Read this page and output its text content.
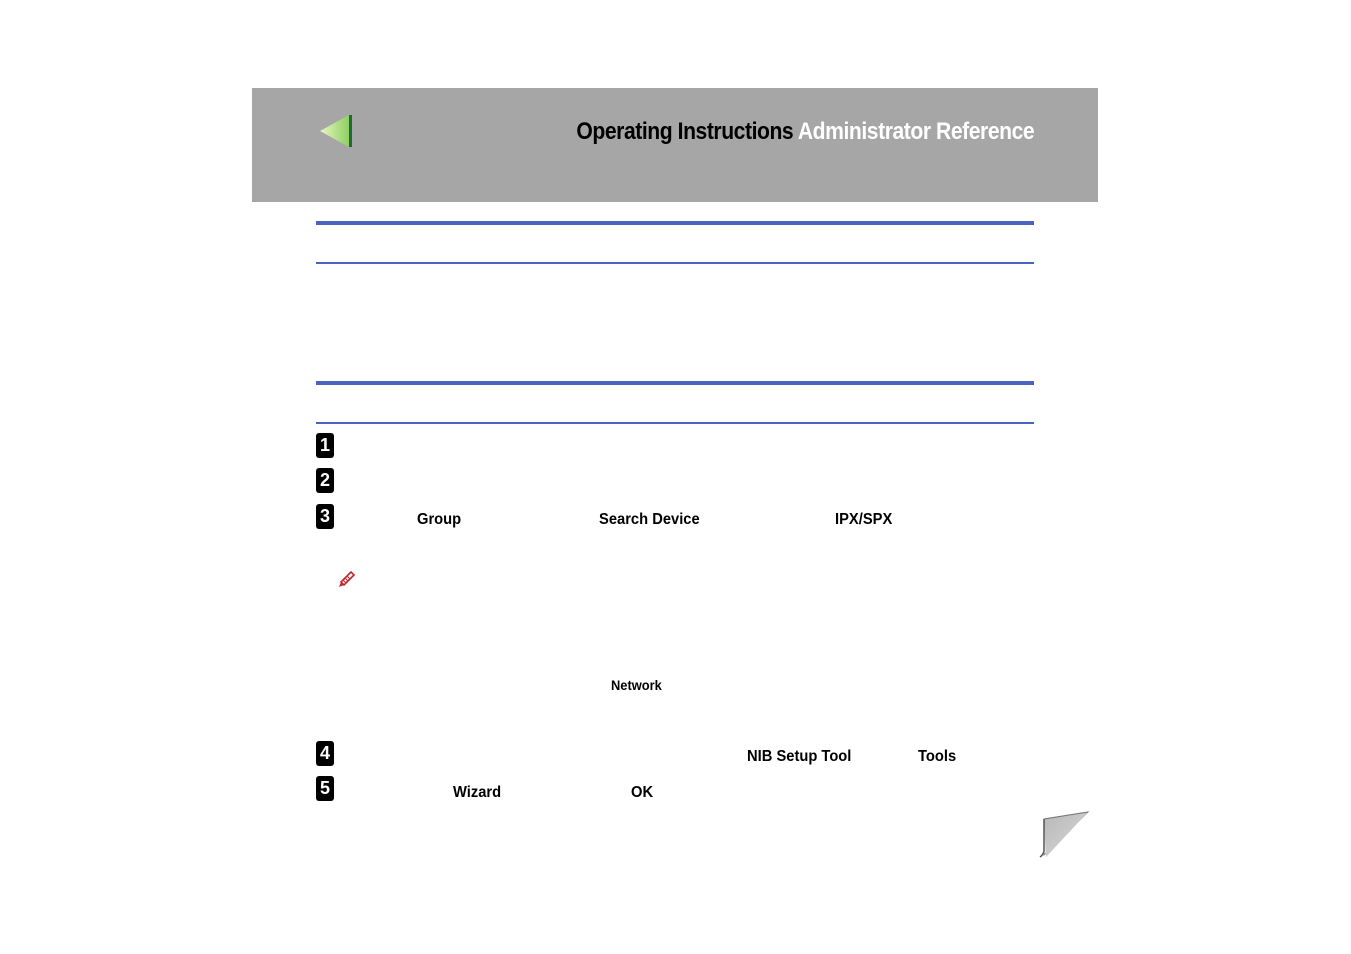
Operating Instructions Administrator Reference
1
2
3	Group	Search Device	IPX/SPX
Network
4	NIB Setup Tool	Tools
5	Wizard	OK
